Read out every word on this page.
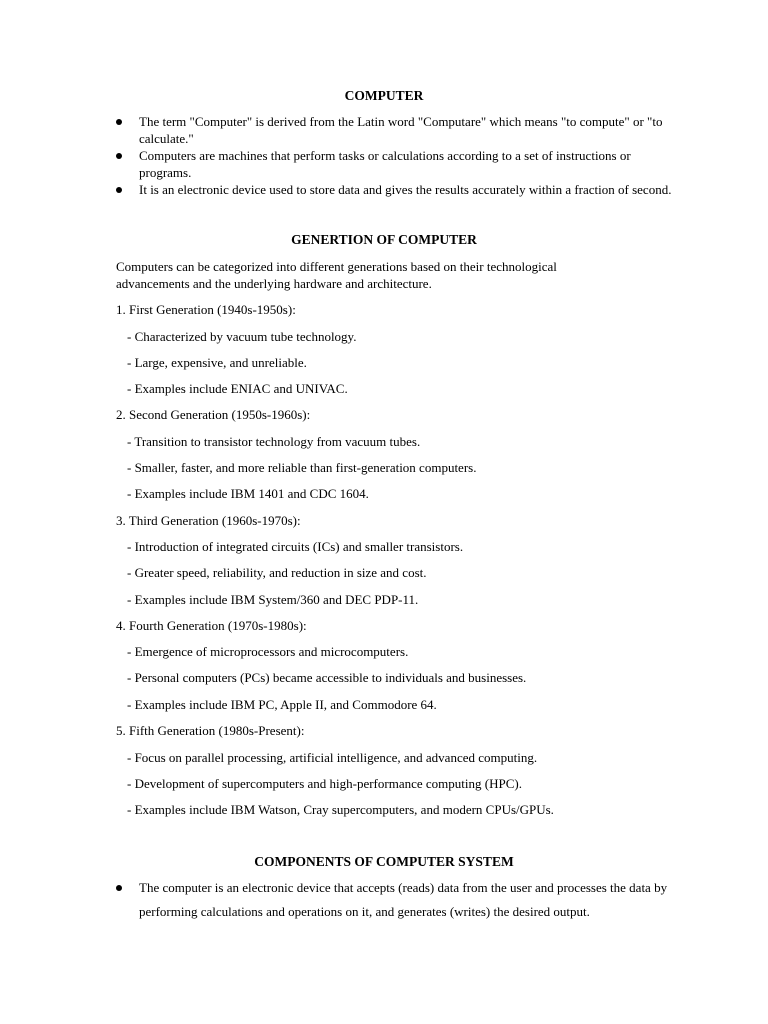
COMPUTER
The term "Computer" is derived from the Latin word "Computare" which means "to compute" or "to calculate."
Computers are machines that perform tasks or calculations according to a set of instructions or programs.
It is an electronic device used to store data and gives the results accurately within a fraction of second.
GENERTION OF COMPUTER
Computers can be categorized into different generations based on their technological
advancements and the underlying hardware and architecture.
1. First Generation (1940s-1950s):
- Characterized by vacuum tube technology.
- Large, expensive, and unreliable.
- Examples include ENIAC and UNIVAC.
2. Second Generation (1950s-1960s):
- Transition to transistor technology from vacuum tubes.
- Smaller, faster, and more reliable than first-generation computers.
- Examples include IBM 1401 and CDC 1604.
3. Third Generation (1960s-1970s):
- Introduction of integrated circuits (ICs) and smaller transistors.
- Greater speed, reliability, and reduction in size and cost.
- Examples include IBM System/360 and DEC PDP-11.
4. Fourth Generation (1970s-1980s):
- Emergence of microprocessors and microcomputers.
- Personal computers (PCs) became accessible to individuals and businesses.
- Examples include IBM PC, Apple II, and Commodore 64.
5. Fifth Generation (1980s-Present):
- Focus on parallel processing, artificial intelligence, and advanced computing.
- Development of supercomputers and high-performance computing (HPC).
- Examples include IBM Watson, Cray supercomputers, and modern CPUs/GPUs.
COMPONENTS OF COMPUTER SYSTEM
The computer is an electronic device that accepts (reads) data from the user and processes the data by performing calculations and operations on it, and generates (writes) the desired output.
